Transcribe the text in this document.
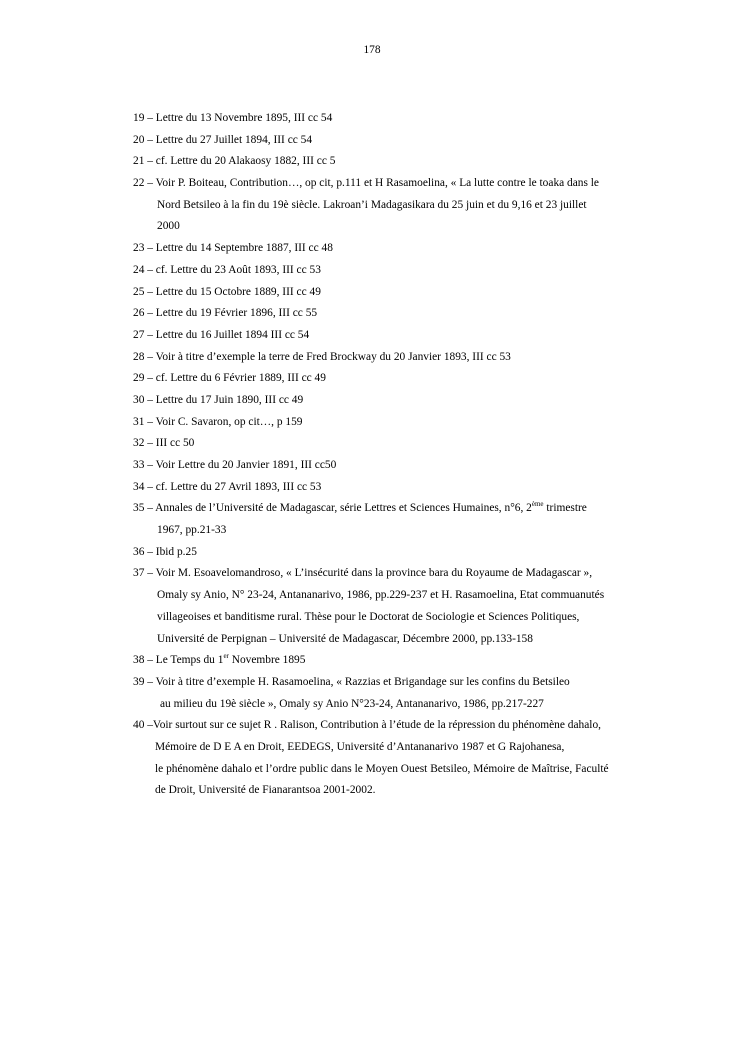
178
19 – Lettre du 13 Novembre 1895, III cc 54
20 – Lettre du 27 Juillet 1894, III cc 54
21 – cf. Lettre du 20 Alakaosy 1882, III cc 5
22 – Voir P. Boiteau, Contribution…, op cit, p.111 et H Rasamoelina, « La lutte contre le toaka dans le
Nord Betsileo à la fin du 19è siècle. Lakroan’i Madagasikara du 25 juin et du 9,16 et 23 juillet
2000
23 – Lettre du 14 Septembre 1887, III cc 48
24 – cf. Lettre du 23 Août 1893, III cc 53
25 – Lettre du 15 Octobre 1889, III cc 49
26 – Lettre du 19 Février 1896, III cc 55
27 – Lettre du 16 Juillet 1894 III cc 54
28 – Voir à titre d’exemple la terre de Fred Brockway du 20 Janvier 1893, III cc 53
29 – cf. Lettre du 6 Février 1889, III cc 49
30 – Lettre du 17 Juin 1890, III cc 49
31 – Voir C. Savaron, op cit…, p 159
32 – III cc 50
33 – Voir Lettre du 20 Janvier 1891, III cc50
34 – cf. Lettre du 27 Avril 1893, III cc 53
35 – Annales de l’Université de Madagascar, série Lettres et Sciences Humaines, n°6, 2ème trimestre
1967, pp.21-33
36 – Ibid p.25
37 – Voir M. Esoavelomandroso, « L’insécurité dans la province bara du Royaume de Madagascar »,
Omaly sy Anio, N° 23-24, Antananarivo, 1986, pp.229-237 et H. Rasamoelina, Etat commuanutés
villageoises et banditisme rural. Thèse pour le Doctorat de Sociologie et Sciences Politiques,
Université de Perpignan – Université de Madagascar, Décembre 2000, pp.133-158
38 – Le Temps du 1er Novembre 1895
39 – Voir à titre d’exemple H. Rasamoelina, « Razzias et Brigandage sur les confins du Betsileo
au milieu du 19è siècle », Omaly sy Anio N°23-24, Antananarivo, 1986, pp.217-227
40 –Voir surtout sur ce sujet R . Ralison, Contribution à l’étude de la répression du phénomène dahalo,
Mémoire de D E A en Droit, EEDEGS, Université d’Antananarivo 1987 et G Rajohanesa,
le phénomène dahalo et l’ordre public dans le Moyen Ouest Betsileo, Mémoire de Maîtrise, Faculté
de Droit, Université de Fianarantsoa 2001-2002.
